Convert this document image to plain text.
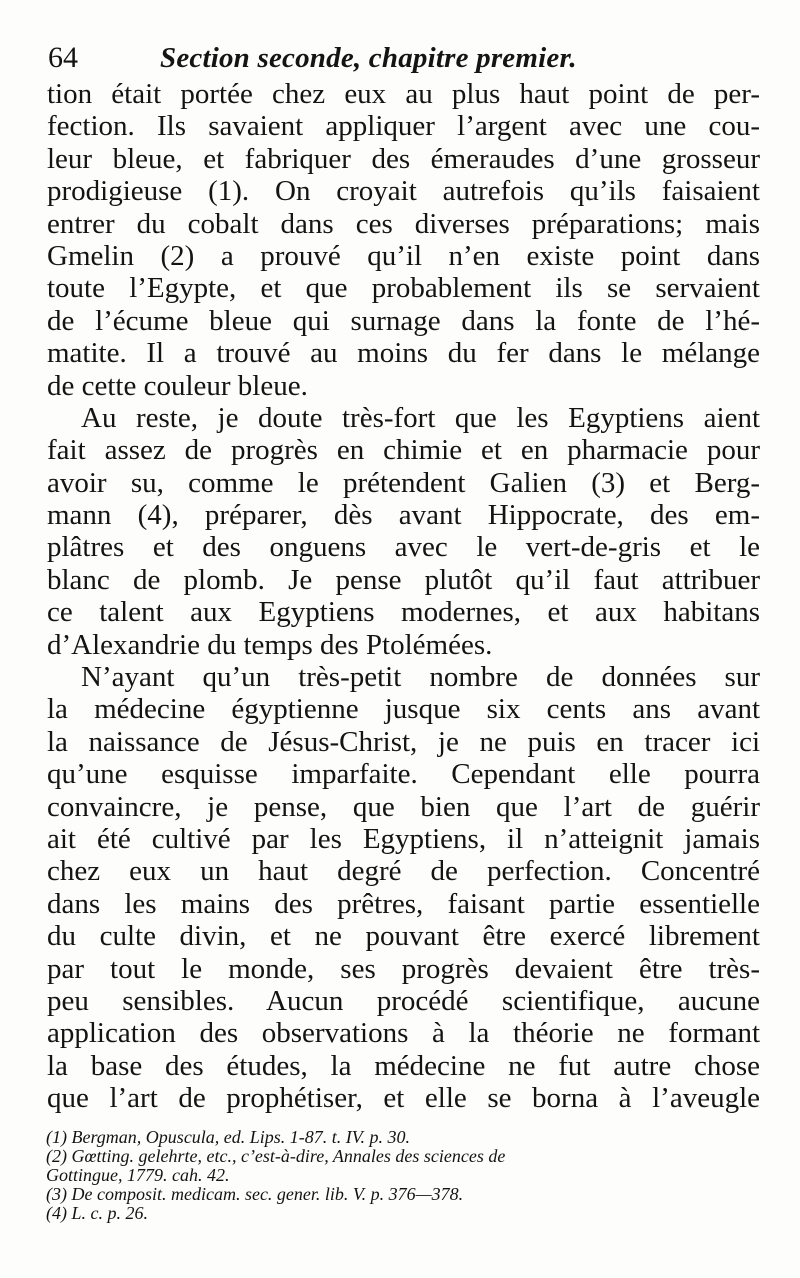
64	Section seconde, chapitre premier.
tion était portée chez eux au plus haut point de per-
fection. Ils savaient appliquer l’argent avec une cou-
leur bleue, et fabriquer des émeraudes d’une grosseur
prodigieuse (1). On croyait autrefois qu’ils faisaient
entrer du cobalt dans ces diverses préparations; mais
Gmelin (2) a prouvé qu’il n’en existe point dans
toute l’Egypte, et que probablement ils se servaient
de l’écume bleue qui surnage dans la fonte de l’hé-
matite. Il a trouvé au moins du fer dans le mélange
de cette couleur bleue.
Au reste, je doute très-fort que les Egyptiens aient
fait assez de progrès en chimie et en pharmacie pour
avoir su, comme le prétendent Galien (3) et Berg-
mann (4), préparer, dès avant Hippocrate, des em-
plâtres et des onguens avec le vert-de-gris et le
blanc de plomb. Je pense plutôt qu’il faut attribuer
ce talent aux Egyptiens modernes, et aux habitans
d’Alexandrie du temps des Ptolémées.
N’ayant qu’un très-petit nombre de données sur
la médecine égyptienne jusque six cents ans avant
la naissance de Jésus-Christ, je ne puis en tracer ici
qu’une esquisse imparfaite. Cependant elle pourra
convaincre, je pense, que bien que l’art de guérir
ait été cultivé par les Egyptiens, il n’atteignit jamais
chez eux un haut degré de perfection. Concentré
dans les mains des prêtres, faisant partie essentielle
du culte divin, et ne pouvant être exercé librement
par tout le monde, ses progrès devaient être très-
peu sensibles. Aucun procédé scientifique, aucune
application des observations à la théorie ne formant
la base des études, la médecine ne fut autre chose
que l’art de prophétiser, et elle se borna à l’aveugle
(1) Bergman, Opuscula, ed. Lips. 1-87. t. IV. p. 30.
(2) Gœtting. gelehrte, etc., c’est-à-dire, Annales des sciences de
Gottingue, 1779. cah. 42.
(3) De composit. medicam. sec. gener. lib. V. p. 376—378.
(4) L. c. p. 26.
